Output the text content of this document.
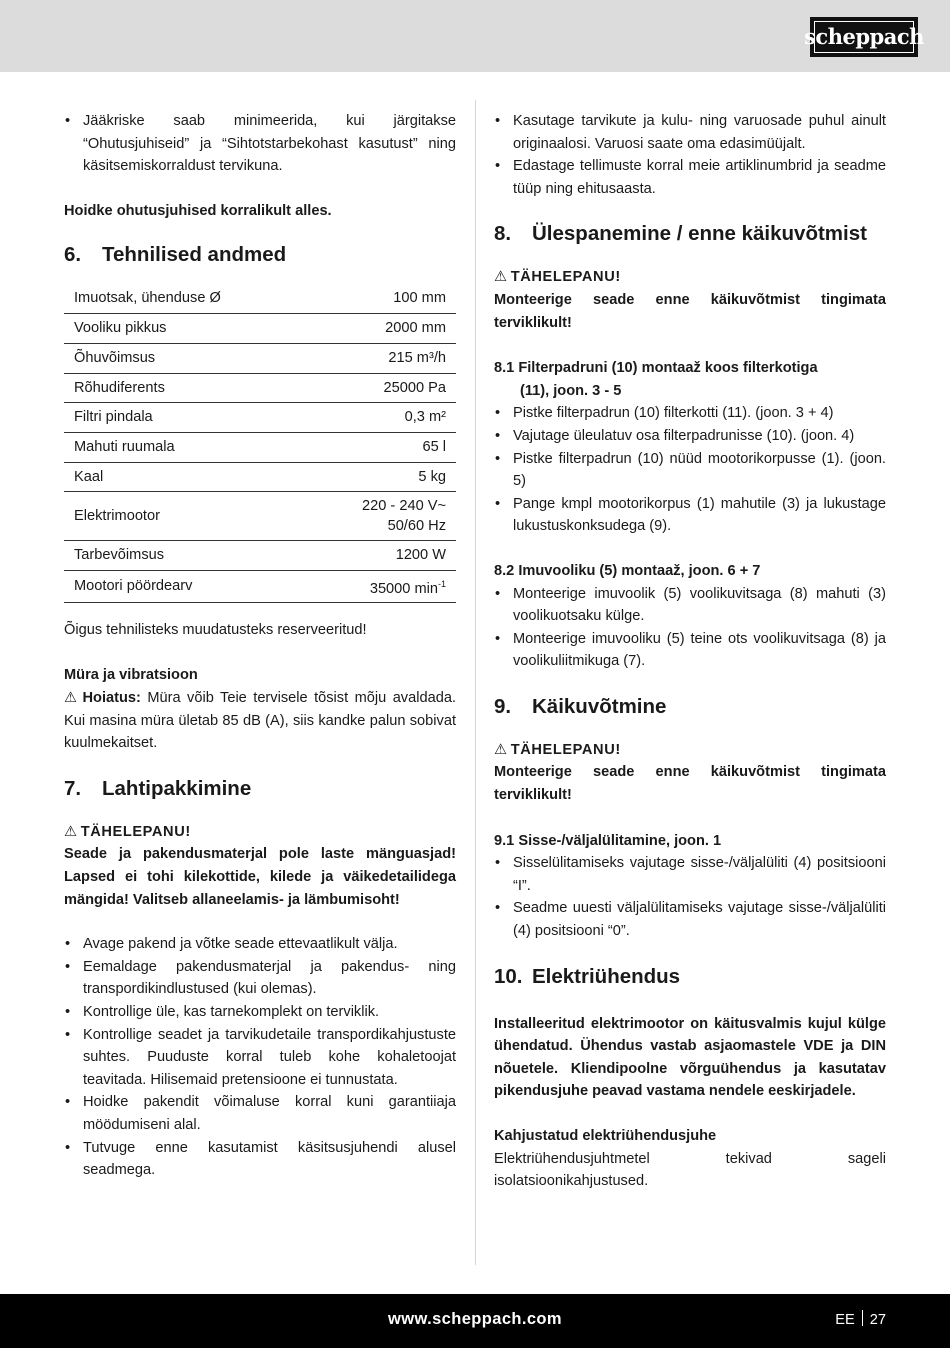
scheppach
• Jääkriske saab minimeerida, kui järgitakse “Ohutusjuhiseid” ja “Sihtotstarbekohast kasutust” ning käsitsemiskorraldust tervikuna.

Hoidke ohutusjuhised korralikult alles.

6.	Tehnilised andmed
Imuotsak, ühenduse Ø	100 mm
Vooliku pikkus	2000 mm
Õhuvõimsus	215 m³/h
Rõhudiferents	25000 Pa
Filtri pindala	0,3 m²
Mahuti ruumala	65 l
Kaal	5 kg
Elektrimootor	220 - 240 V~
50/60 Hz

Tarbevõimsus	1200 W
Mootori pöördearv	35000 $\min^{-1}$

Õigus tehnilisteks muudatusteks reserveeritud!

Müra ja vibratsioon

⚠ Hoiatus: Müra võib Teie tervisele tõsist mõju avaldada. Kui masina müra ületab 85 dB (A), siis kandke palun sobivat kuulmekaitset.

7.	Lahtipakkimine

⚠ TÄHELEPANU!

Seade ja pakendusmaterjal pole laste mänguasjad! Lapsed ei tohi kilekottide, kilede ja väikedetailidega mängida! Valitseb allaneelamis- ja lämbumisoht!

• Avage pakend ja võtke seade ettevaatlikult välja.
• Eemaldage pakendusmaterjal ja pakendus- ning transpordikindlustused (kui olemas).
• Kontrollige üle, kas tarnekomplekt on terviklik.
• Kontrollige seadet ja tarvikudetaile transpordikahjustuste suhtes. Puuduste korral tuleb kohe kohaletoojat teavitada. Hilisemaid pretensioone ei tunnustata.
• Hoidke pakendit võimaluse korral kuni garantiiaja möödumiseni alal.
• Tutvuge enne kasutamist käsitsusjuhendi alusel seadmega.
• Kasutage tarvikute ja kulu- ning varuosade puhul ainult originaalosi. Varuosi saate oma edasimüüjalt.
• Edastage tellimuste korral meie artiklinumbrid ja seadme tüüp ning ehitusaasta.
8.	Ülespanemine / enne käikuvõtmist

⚠ TÄHELEPANU!

Monteerige seade enne käikuvõtmist tingimata terviklikult!

8.1 Filterpadruni (10) montaaž koos filterkotiga

(11), joon. 3 - 5

• Pistke filterpadrun (10) filterkotti (11). (joon. 3 + 4)
• Vajutage üleulatuv osa filterpadrunisse (10). (joon. 4)
• Pistke filterpadrun (10) nüüd mootorikorpusse (1). (joon. 5)
• Pange kmpl mootorikorpus (1) mahutile (3) ja lukustage lukustuskonksudega (9).

8.2 Imuvooliku (5) montaaž, joon. 6 + 7

• Monteerige imuvoolik (5) voolikuvitsaga (8) mahuti (3) voolikuotsaku külge.
• Monteerige imuvooliku (5) teine ots voolikuvitsaga (8) ja voolikuliitmikuga (7).
9.	Käikuvõtmine

⚠ TÄHELEPANU!

Monteerige seade enne käikuvõtmist tingimata terviklikult!

9.1 Sisse-/väljalülitamine, joon. 1

• Sisselülitamiseks vajutage sisse-/väljalüliti (4) positsiooni “I”.
• Seadme uuesti väljalülitamiseks vajutage sisse-/väljalüliti (4) positsiooni “0”.
10. Elektriühendus

Installeeritud elektrimootor on käitusvalmis kujul külge ühendatud. Ühendus vastab asjaomastele VDE ja DIN nõuetele. Kliendipoolne võrguühendus ja kasutatav pikendusjuhe peavad vastama nendele eeskirjadele.

Kahjustatud elektriühendusjuhe

Elektriühendusjuhtmetel tekivad sageli isolatsioonikahjustused.

www.scheppach.com	EE 27
